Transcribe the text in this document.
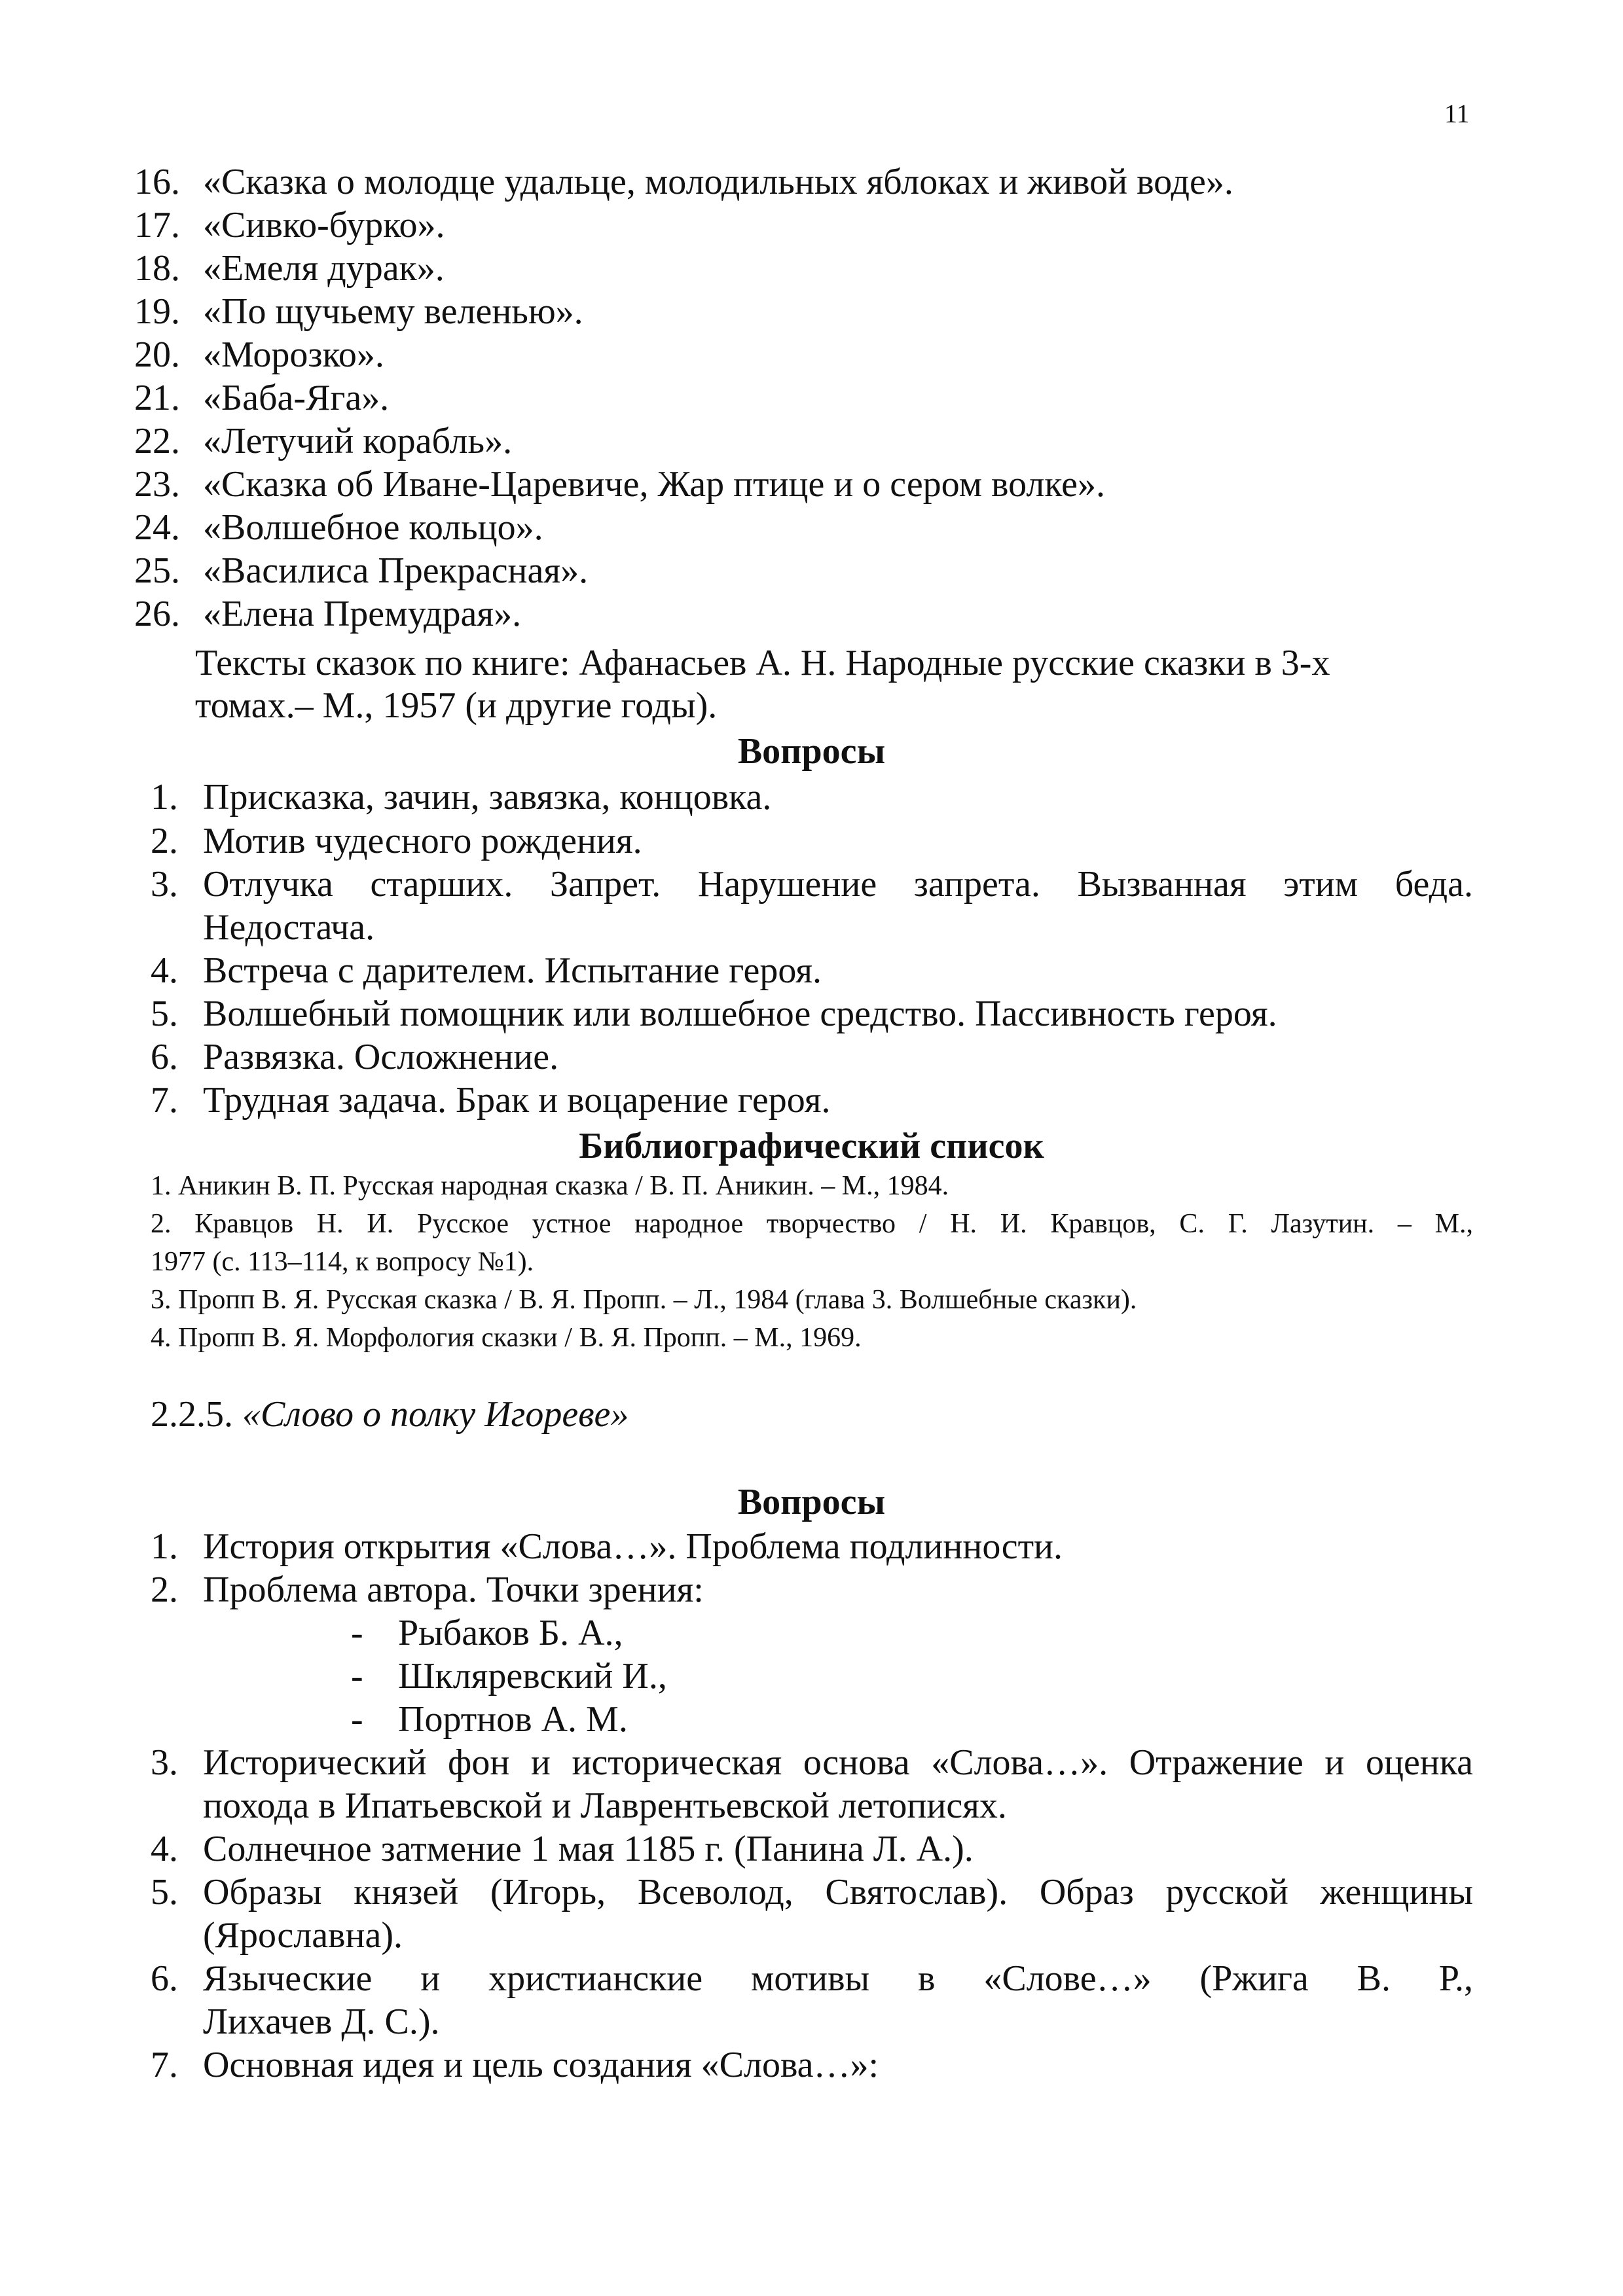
11
16. «Сказка о молодце удальце, молодильных яблоках и живой воде».
17. «Сивко-бурко».
18. «Емеля дурак».
19. «По щучьему веленью».
20. «Морозко».
21. «Баба-Яга».
22. «Летучий корабль».
23. «Сказка об Иване-Царевиче, Жар птице и о сером волке».
24. «Волшебное кольцо».
25. «Василиса Прекрасная».
26. «Елена Премудрая».
Тексты сказок по книге: Афанасьев А. Н. Народные русские сказки в 3-х
томах.– М., 1957 (и другие годы).
Вопросы
1. Присказка, зачин, завязка, концовка.
2. Мотив чудесного рождения.
3. Отлучка старших. Запрет. Нарушение запрета. Вызванная этим беда.
Недостача.
4. Встреча с дарителем. Испытание героя.
5. Волшебный помощник или волшебное средство. Пассивность героя.
6. Развязка. Осложнение.
7. Трудная задача. Брак и воцарение героя.
Библиографический список
1. Аникин В. П. Русская народная сказка / В. П. Аникин. – М., 1984.
2. Кравцов Н. И. Русское устное народное творчество / Н. И. Кравцов, С. Г. Лазутин. – М.,
1977 (с. 113–114, к вопросу №1).
3. Пропп В. Я. Русская сказка / В. Я. Пропп. – Л., 1984 (глава 3. Волшебные сказки).
4. Пропп В. Я. Морфология сказки / В. Я. Пропп. – М., 1969.
2.2.5. «Слово о полку Игореве»
Вопросы
1. История открытия «Слова…». Проблема подлинности.
2. Проблема автора. Точки зрения:
- Рыбаков Б. А.,
- Шкляревский И.,
- Портнов А. М.
3. Исторический фон и историческая основа «Слова…». Отражение и оценка
похода в Ипатьевской и Лаврентьевской летописях.
4. Солнечное затмение 1 мая 1185 г. (Панина Л. А.).
5. Образы князей (Игорь, Всеволод, Святослав). Образ русской женщины
(Ярославна).
6. Языческие и христианские мотивы в «Слове…» (Ржига В. Р.,
Лихачев Д. С.).
7. Основная идея и цель создания «Слова…»:
